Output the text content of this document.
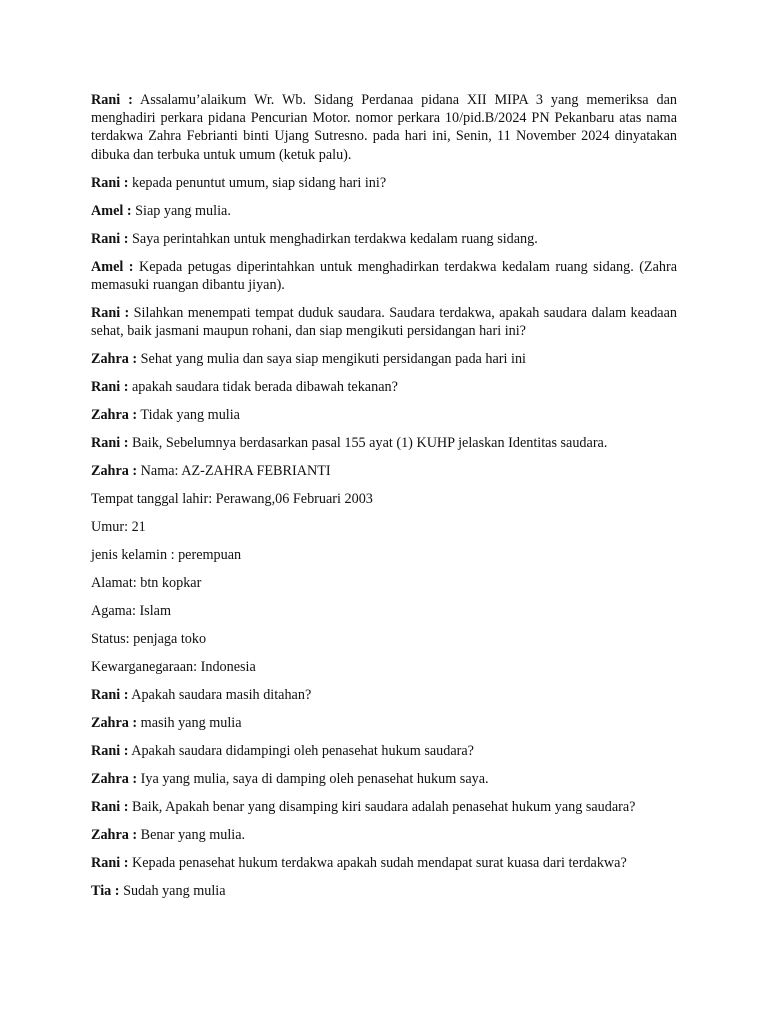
Rani : Assalamu’alaikum Wr. Wb. Sidang Perdanaa pidana XII MIPA 3 yang memeriksa dan menghadiri perkara pidana Pencurian Motor. nomor perkara 10/pid.B/2024 PN Pekanbaru atas nama terdakwa Zahra Febrianti binti Ujang Sutresno. pada hari ini, Senin, 11 November 2024 dinyatakan dibuka dan terbuka untuk umum (ketuk palu).

Rani : kepada penuntut umum, siap sidang hari ini?

Amel : Siap yang mulia.

Rani : Saya perintahkan untuk menghadirkan terdakwa kedalam ruang sidang.

Amel : Kepada petugas diperintahkan untuk menghadirkan terdakwa kedalam ruang sidang. (Zahra memasuki ruangan dibantu jiyan).

Rani : Silahkan menempati tempat duduk saudara. Saudara terdakwa, apakah saudara dalam keadaan sehat, baik jasmani maupun rohani, dan siap mengikuti persidangan hari ini?

Zahra : Sehat yang mulia dan saya siap mengikuti persidangan pada hari ini

Rani : apakah saudara tidak berada dibawah tekanan?

Zahra : Tidak yang mulia

Rani : Baik, Sebelumnya berdasarkan pasal 155 ayat (1) KUHP jelaskan Identitas saudara.

Zahra : Nama: AZ-ZAHRA FEBRIANTI

Tempat tanggal lahir: Perawang,06 Februari 2003

Umur: 21

jenis kelamin : perempuan

Alamat: btn kopkar

Agama: Islam

Status: penjaga toko

Kewarganegaraan: Indonesia

Rani : Apakah saudara masih ditahan?

Zahra : masih yang mulia

Rani : Apakah saudara didampingi oleh penasehat hukum saudara?

Zahra : Iya yang mulia, saya di damping oleh penasehat hukum saya.

Rani : Baik, Apakah benar yang disamping kiri saudara adalah penasehat hukum yang saudara?

Zahra : Benar yang mulia.

Rani : Kepada penasehat hukum terdakwa apakah sudah mendapat surat kuasa dari terdakwa?

Tia : Sudah yang mulia
